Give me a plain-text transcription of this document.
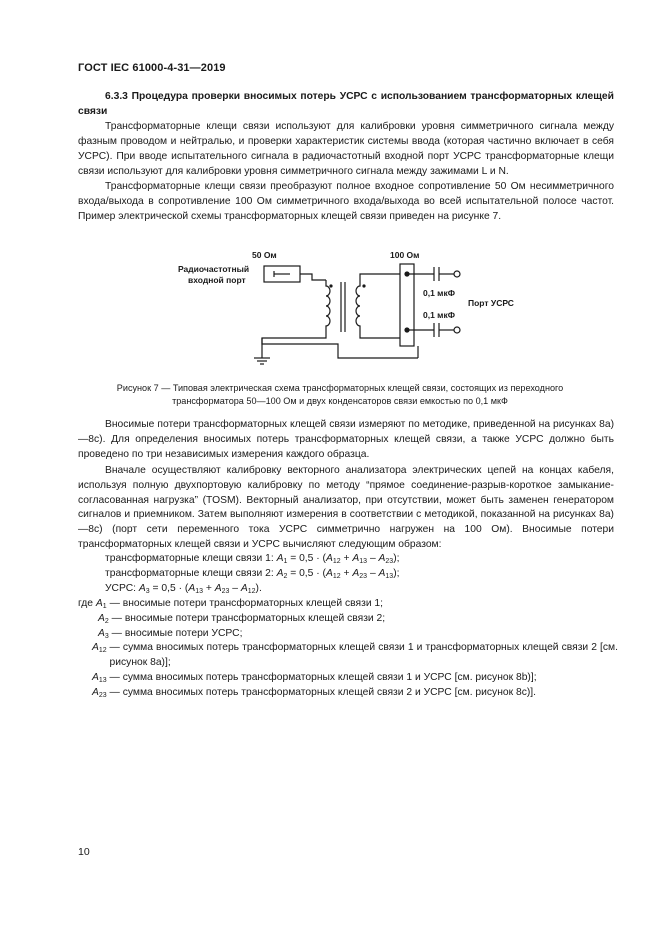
ГОСТ IEC 61000-4-31—2019
6.3.3 Процедура проверки вносимых потерь УСРС с использованием трансформаторных клещей связи

Трансформаторные клещи связи используют для калибровки уровня симметричного сигнала между фазным проводом и нейтралью, и проверки характеристик системы ввода (которая частично включает в себя УСРС). При вводе испытательного сигнала в радиочастотный входной порт УСРС трансформаторные клещи связи используют для калибровки уровня симметричного сигнала между зажимами L и N.

Трансформаторные клещи связи преобразуют полное входное сопротивление 50 Ом несимметричного входа/выхода в сопротивление 100 Ом симметричного входа/выхода во всей испытательной полосе частот. Пример электрической схемы трансформаторных клещей связи приведен на рисунке 7.

50 Ом	100 Ом
Радиочастотный
входной порт
0,1 мкФ
0,1 мкФ
Порт УСРС
Рисунок 7 — Типовая электрическая схема трансформаторных клещей связи, состоящих из переходного трансформатора 50—100 Ом и двух конденсаторов связи емкостью по 0,1 мкФ

Вносимые потери трансформаторных клещей связи измеряют по методике, приведенной на рисунках 8a)—8c). Для определения вносимых потерь трансформаторных клещей связи, а также УСРС должно быть проведено по три независимых измерения каждого образца.

Вначале осуществляют калибровку векторного анализатора электрических цепей на концах кабеля, используя полную двухпортовую калибровку по методу “прямое соединение-разрыв-короткое замыкание-согласованная нагрузка” (TOSM). Векторный анализатор, при отсутствии, может быть заменен генератором сигналов и приемником. Затем выполняют измерения в соответствии с методикой, показанной на рисунках 8a)—8c) (порт сети переменного тока УСРС симметрично нагружен на 100 Ом). Вносимые потери трансформаторных клещей связи и УСРС вычисляют следующим образом:

трансформаторные клещи связи 1: $A_1 = 0,5 \cdot (A_{12} + A_{13} - A_{23})$;
трансформаторные клещи связи 2: $A_2 = 0,5 \cdot (A_{12} + A_{23} - A_{13})$;
УСРС: $A_3 = 0,5 \cdot (A_{13} + A_{23} - A_{12})$.
где $A_1$ — вносимые потери трансформаторных клещей связи 1;
$A_2$ — вносимые потери трансформаторных клещей связи 2;
$A_3$ — вносимые потери УСРС;
$A_{12}$ — сумма вносимых потерь трансформаторных клещей связи 1 и трансформаторных клещей связи 2 [см. рисунок 8a)];
$A_{13}$ — сумма вносимых потерь трансформаторных клещей связи 1 и УСРС [см. рисунок 8b)];
$A_{23}$ — сумма вносимых потерь трансформаторных клещей связи 2 и УСРС [см. рисунок 8c)].
10
